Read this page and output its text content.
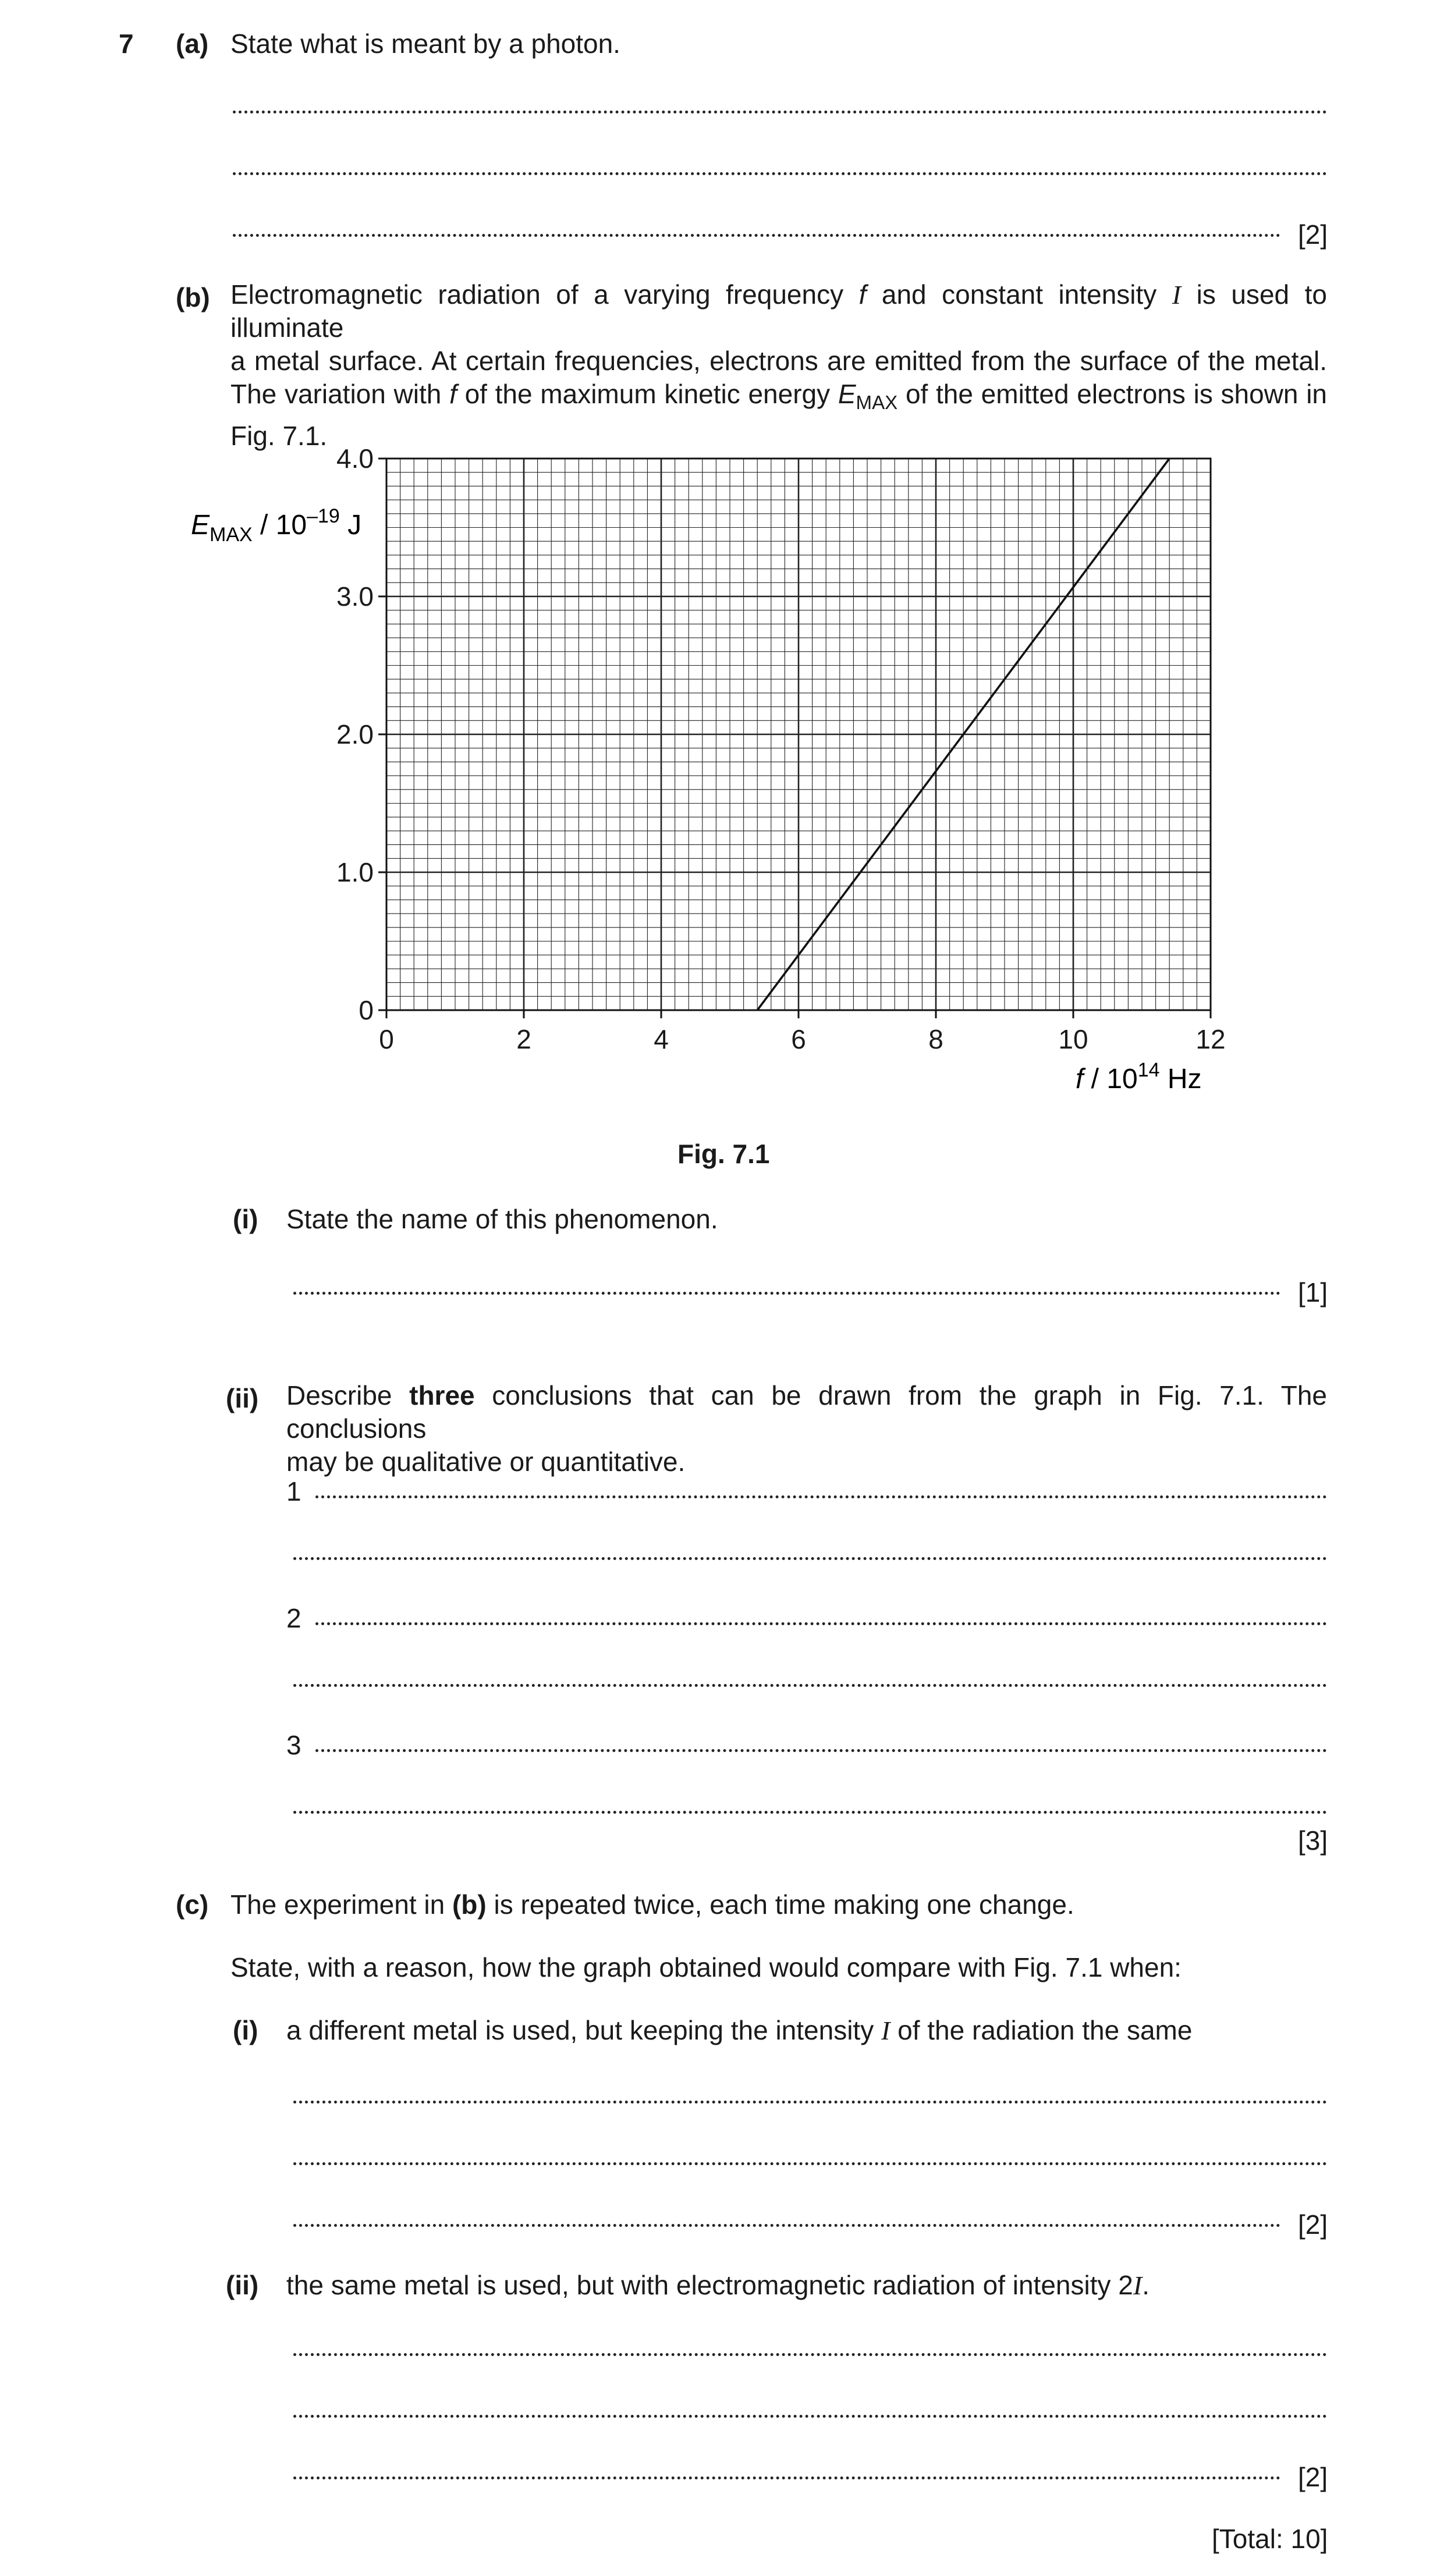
7 (a) State what is meant by a photon.
[2]
(b) Electromagnetic radiation of a varying frequency f and constant intensity I is used to illuminate
a metal surface. At certain frequencies, electrons are emitted from the surface of the metal.
The variation with f of the maximum kinetic energy $E_{MAX}$ of the emitted electrons is shown in
Fig. 7.1.
0	2	4	6	8	10	12
0
1.0
2.0
3.0
4.0
$E_{MAX} / 10^{-19}$ J
f / $10^{14}$ Hz
Fig. 7.1
(i) State the name of this phenomenon.
[1]
(ii) Describe three conclusions that can be drawn from the graph in Fig. 7.1. The conclusions
may be qualitative or quantitative.
1
2
3
[3]
(c) The experiment in (b) is repeated twice, each time making one change.
State, with a reason, how the graph obtained would compare with Fig. 7.1 when:
(i) a different metal is used, but keeping the intensity I of the radiation the same
[2]
(ii) the same metal is used, but with electromagnetic radiation of intensity 2I.
[2]
[Total: 10]
